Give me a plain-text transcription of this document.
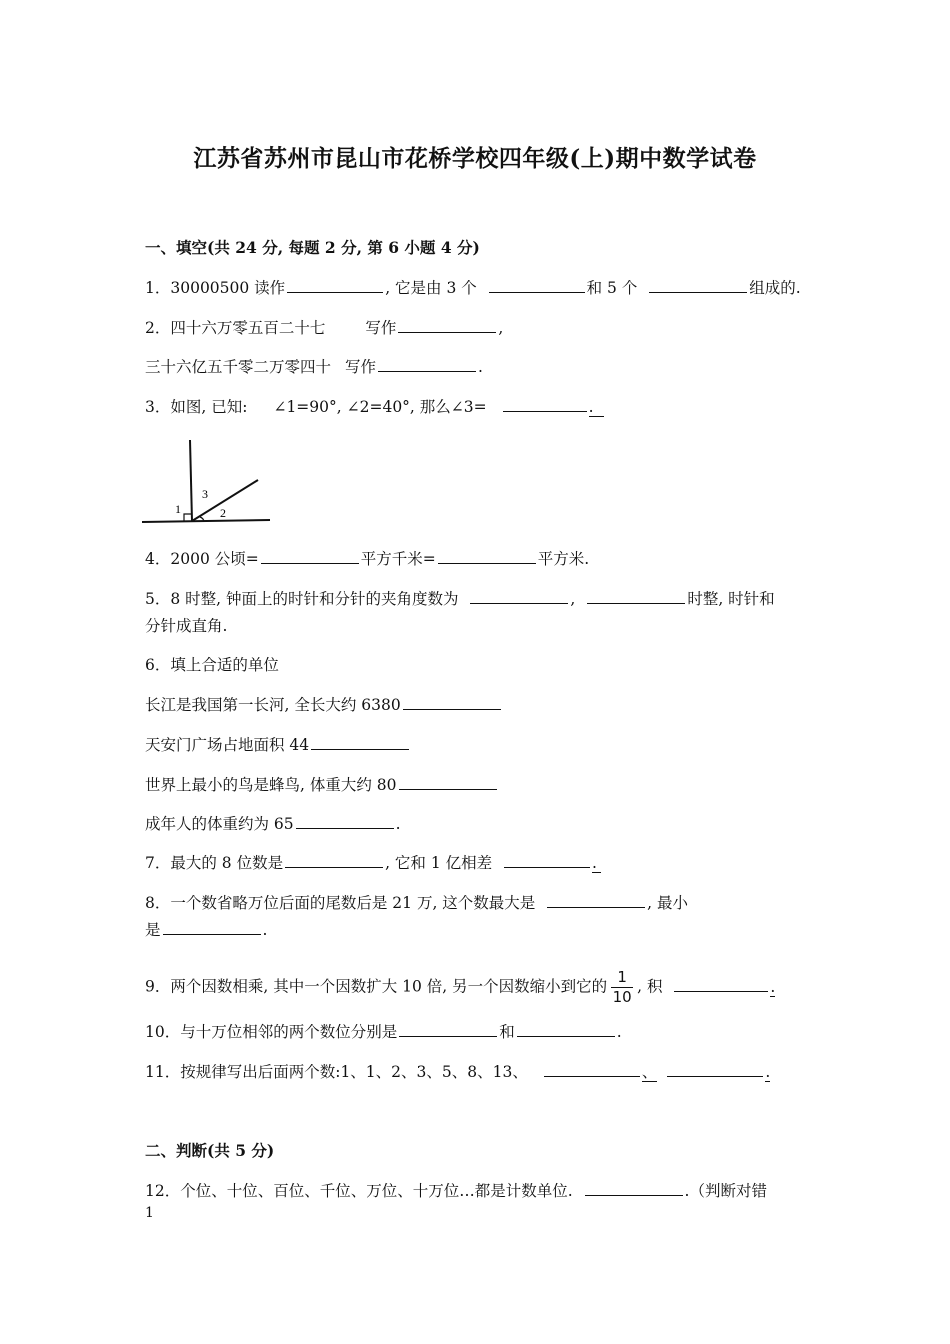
江苏省苏州市昆山市花桥学校四年级(上)期中数学试卷
一、填空(共 24 分, 每题 2 分, 第 6 小题 4 分)
1．30000500 读作	, 它是由 3 个	和 5 个	组成的.
2．四十六万零五百二十七	写作	,
三十六亿五千零二万零四十 写作	.
3．如图, 已知: ∠1=90°, ∠2=40°, 那么∠3=	.
1
3
2
4．2000 公顷=	平方千米=	平方米.
5．8 时整, 钟面上的时针和分针的夹角度数为	,	时整, 时针和
分针成直角.
6．填上合适的单位
长江是我国第一长河, 全长大约 6380
天安门广场占地面积 44
世界上最小的鸟是蜂鸟, 体重大约 80
成年人的体重约为 65	.
7．最大的 8 位数是	, 它和 1 亿相差	.
8．一个数省略万位后面的尾数后是 21 万, 这个数最大是	, 最小
是	.
9．两个因数相乘, 其中一个因数扩大 10 倍, 另一个因数缩小到它的 $\frac{1}{10}$ , 积	.
10．与十万位相邻的两个数位分别是	和	.
11．按规律写出后面两个数:1、1、2、3、5、8、13、	、	.
二、判断(共 5 分)
12．个位、十位、百位、千位、万位、十万位…都是计数单位.	.（判断对错
1
